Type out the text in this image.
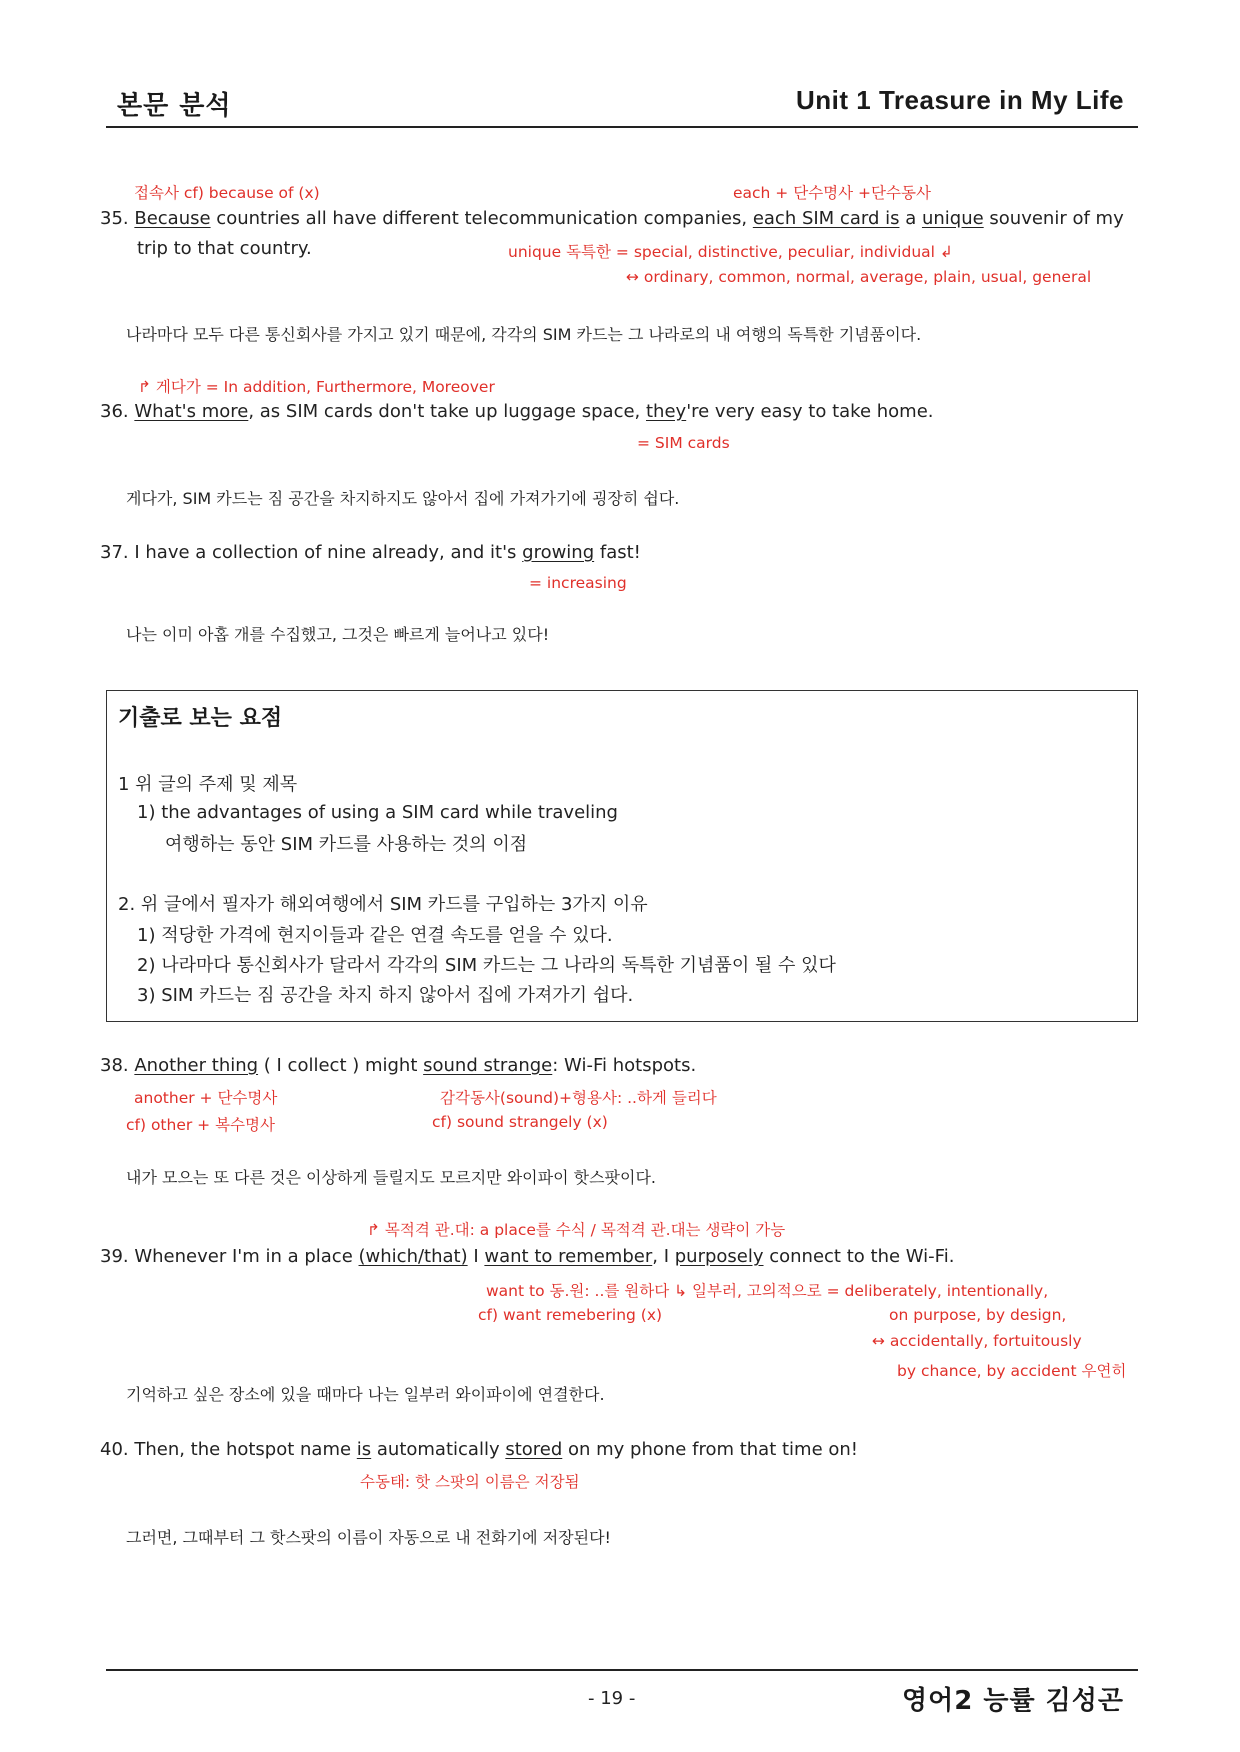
본문 분석	Unit 1 Treasure in My Life
접속사 cf) because of (x)	each + 단수명사 +단수동사
35. Because countries all have different telecommunication companies, each SIM card is a unique souvenir of my
trip to that country.	unique 독특한 = special, distinctive, peculiar, individual ↲
↔ ordinary, common, normal, average, plain, usual, general
나라마다 모두 다른 통신회사를 가지고 있기 때문에, 각각의 SIM 카드는 그 나라로의 내 여행의 독특한 기념품이다.
↱ 게다가 = In addition, Furthermore, Moreover
36. What's more, as SIM cards don't take up luggage space, they're very easy to take home.
= SIM cards
게다가, SIM 카드는 짐 공간을 차지하지도 않아서 집에 가져가기에 굉장히 쉽다.
37. I have a collection of nine already, and it's growing fast!
= increasing
나는 이미 아홉 개를 수집했고, 그것은 빠르게 늘어나고 있다!
기출로 보는 요점
1 위 글의 주제 및 제목
1) the advantages of using a SIM card while traveling
여행하는 동안 SIM 카드를 사용하는 것의 이점
2. 위 글에서 필자가 해외여행에서 SIM 카드를 구입하는 3가지 이유
1) 적당한 가격에 현지이들과 같은 연결 속도를 얻을 수 있다.
2) 나라마다 통신회사가 달라서 각각의 SIM 카드는 그 나라의 독특한 기념품이 될 수 있다
3) SIM 카드는 짐 공간을 차지 하지 않아서 집에 가져가기 쉽다.
38. Another thing ( I collect ) might sound strange: Wi-Fi hotspots.
another + 단수명사
cf) other + 복수명사
감각동사(sound)+형용사: ..하게 들리다
cf) sound strangely (x)
내가 모으는 또 다른 것은 이상하게 들릴지도 모르지만 와이파이 핫스팟이다.
↱ 목적격 관.대: a place를 수식 / 목적격 관.대는 생략이 가능
39. Whenever I'm in a place (which/that) I want to remember, I purposely connect to the Wi-Fi.
want to 동.원: ..를 원하다 ↳ 일부러, 고의적으로 = deliberately, intentionally,
cf) want remebering (x)	on purpose, by design,
↔ accidentally, fortuitously
by chance, by accident 우연히
기억하고 싶은 장소에 있을 때마다 나는 일부러 와이파이에 연결한다.
40. Then, the hotspot name is automatically stored on my phone from that time on!
수동태: 핫 스팟의 이름은 저장됨
그러면, 그때부터 그 핫스팟의 이름이 자동으로 내 전화기에 저장된다!
- 19 -	영어2 능률 김성곤
